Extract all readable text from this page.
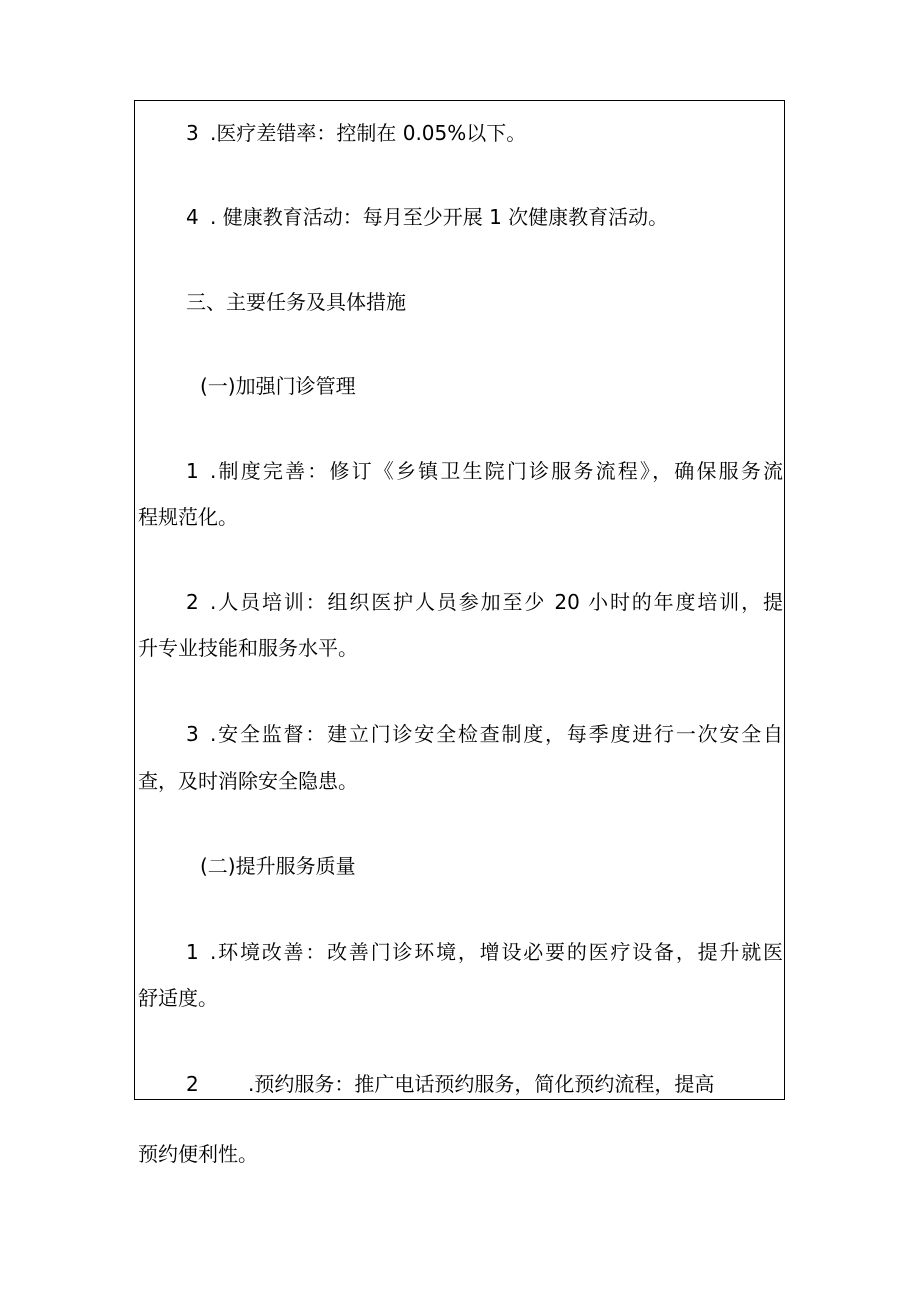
3 .医疗差错率：控制在 0.05%以下。
4 . 健康教育活动：每月至少开展 1 次健康教育活动。
三、主要任务及具体措施
(一)加强门诊管理
1 .制度完善：修订《乡镇卫生院门诊服务流程》，确保服务流
程规范化。
2 .人员培训：组织医护人员参加至少 20 小时的年度培训，提
升专业技能和服务水平。
3 .安全监督：建立门诊安全检查制度，每季度进行一次安全自
查，及时消除安全隐患。
(二)提升服务质量
1 .环境改善：改善门诊环境，增设必要的医疗设备，提升就医
舒适度。
2 .预约服务：推广电话预约服务，简化预约流程，提高
预约便利性。
